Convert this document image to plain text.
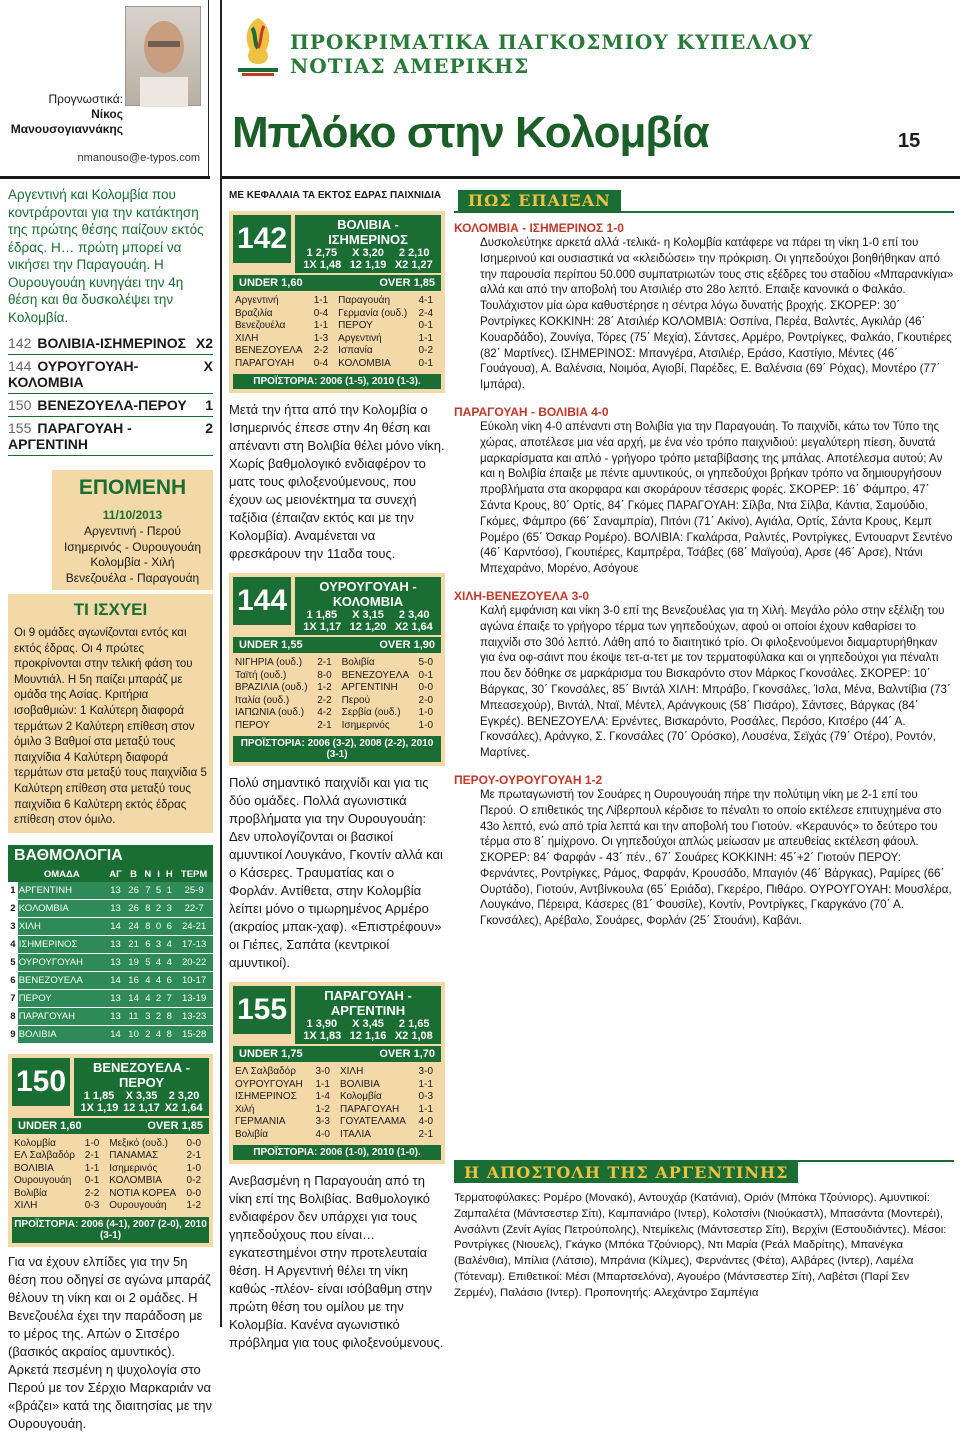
ΠΡΟΚΡΙΜΑΤΙΚΑ ΠΑΓΚΟΣΜΙΟΥ ΚΥΠΕΛΛΟΥ
ΝΟΤΙΑΣ ΑΜΕΡΙΚΗΣ
Μπλόκο στην Κολομβία	15
Προγνωστικά:
Νίκος
Μανουσογιαννάκης
nmanouso@e-typos.com
Αργεντινή και Κολομβία που κοντράρονται για την κατάκτηση της πρώτης θέσης παίζουν εκτός έδρας. Η… πρώτη μπορεί να νικήσει την Παραγουάη. Η Ουρουγουάη κυνηγάει την 4η θέση και θα δυσκολέψει την Κολομβία.
142 ΒΟΛΙΒΙΑ-ΙΣΗΜΕΡΙΝΟΣ Χ2
144 ΟΥΡΟΥΓΟΥΑΗ-ΚΟΛΟΜΒΙΑ
Χ
150 ΒΕΝΕΖΟΥΕΛΑ-ΠΕΡΟΥ 1
155 ΠΑΡΑΓΟΥΑΗ - ΑΡΓΕΝΤΙΝΗ
2
ΕΠΟΜΕΝΗ
11/10/2013
Αργεντινή - Περού
Ισημερινός - Ουρουγουάη
Κολομβία - Χιλή
Βενεζουέλα - Παραγουάη
ΤΙ ΙΣΧΥΕΙ
Οι 9 ομάδες αγωνίζονται εντός και εκτός έδρας. Οι 4 πρώτες προκρίνονται στην τελική φάση του Μουντιάλ. Η 5η παίζει μπαράζ με ομάδα της Ασίας. Κριτήρια ισοβαθμιών: 1 Καλύτερη διαφορά τερμάτων 2 Καλύτερη επίθεση στον όμιλο 3 Βαθμοί στα μεταξύ τους παιχνίδια 4 Καλύτερη διαφορά τερμάτων στα μεταξύ τους παιχνίδια 5 Καλύτερη επίθεση στα μεταξύ τους παιχνίδια 6 Καλύτερη εκτός έδρας επίθεση στον όμιλο.
ΒΑΘΜΟΛΟΓΙΑ
	ΟΜΑΔΑ	ΑΓ	Β	Ν	Ι	Η	ΤΕΡΜ
1	ΑΡΓΕΝΤΙΝΗ	13	26	7	5	1	25-9
2	ΚΟΛΟΜΒΙΑ	13	26	8	2	3	22-7
3	ΧΙΛΗ	14	24	8	0	6	24-21
4	ΙΣΗΜΕΡΙΝΟΣ	13	21	6	3	4	17-13
5	ΟΥΡΟΥΓΟΥΑΗ	13	19	5	4	4	20-22
6	ΒΕΝΕΖΟΥΕΛΑ	14	16	4	4	6	10-17
7	ΠΕΡΟΥ	13	14	4	2	7	13-19
8	ΠΑΡΑΓΟΥΑΗ	13	11	3	2	8	13-23
9	ΒΟΛΙΒΙΑ	14	10	2	4	8	15-28
150	ΒΕΝΕΖΟΥΕΛΑ - ΠΕΡΟΥ
1 1,85 Χ 3,35 2 3,20
1Χ 1,19 12 1,17 Χ2 1,64
UNDER 1,60	OVER 1,85
Κολομβία	1-0	Μεξικό (ουδ.)	0-0
ΕΛ Σαλβαδόρ	2-1	ΠΑΝΑΜΑΣ	2-1
ΒΟΛΙΒΙΑ	1-1	Ισημερινός	1-0
Ουρουγουάη	0-1	ΚΟΛΟΜΒΙΑ	0-2
Βολιβία	2-2	ΝΟΤΙΑ ΚΟΡΕΑ	0-0
ΧΙΛΗ	0-3	Ουρουγουάη	1-2
ΠΡΟΪΣΤΟΡΙΑ: 2006 (4-1), 2007 (2-0), 2010 (3-1)
Για να έχουν ελπίδες για την 5η θέση που οδηγεί σε αγώνα μπαράζ θέλουν τη νίκη και οι 2 ομάδες. Η Βενεζουέλα έχει την παράδοση με το μέρος της. Απών ο Σιτσέρο (βασικός ακραίος αμυντικός). Αρκετά πεσμένη η ψυχολογία στο Περού με τον Σέρχιο Μαρκαριάν να «βράζει» κατά της διαιτησίας με την Ουρουγουάη.
ΜΕ ΚΕΦΑΛΑΙΑ ΤΑ ΕΚΤΟΣ ΕΔΡΑΣ ΠΑΙΧΝΙΔΙΑ
142	ΒΟΛΙΒΙΑ - ΙΣΗΜΕΡΙΝΟΣ
1 2,75 Χ 3,20 2 2,10
1Χ 1,48 12 1,19 Χ2 1,27
UNDER 1,60	OVER 1,85
Αργεντινή	1-1	Παραγουάη	4-1
Βραζιλία	0-4	Γερμανία (ουδ.)	2-4
Βενεζουέλα	1-1	ΠΕΡΟΥ	0-1
ΧΙΛΗ	1-3	Αργεντινή	1-1
ΒΕΝΕΖΟΥΕΛΑ	2-2	Ισπανία	0-2
ΠΑΡΑΓΟΥΑΗ	0-4	ΚΟΛΟΜΒΙΑ	0-1
ΠΡΟΪΣΤΟΡΙΑ: 2006 (1-5), 2010 (1-3).
Μετά την ήττα από την Κολομβία ο Ισημερινός έπεσε στην 4η θέση και απέναντι στη Βολιβία θέλει μόνο νίκη. Χωρίς βαθμολογικό ενδιαφέρον το ματς τους φιλοξενούμενους, που έχουν ως μειονέκτημα τα συνεχή ταξίδια (έπαιζαν εκτός και με την Κολομβία). Αναμένεται να φρεσκάρουν την 11αδα τους.
144	ΟΥΡΟΥΓΟΥΑΗ - ΚΟΛΟΜΒΙΑ
1 1,85 Χ 3,15 2 3,40
1Χ 1,17 12 1,20 Χ2 1,64
UNDER 1,55	OVER 1,90
ΝΙΓΗΡΙΑ (ουδ.)	2-1	Βολιβία	5-0
Ταϊτή (ουδ.)	8-0	ΒΕΝΕΖΟΥΕΛΑ	0-1
ΒΡΑΖΙΛΙΑ (ουδ.)	1-2	ΑΡΓΕΝΤΙΝΗ	0-0
Ιταλία (ουδ.)	2-2	Περού	2-0
ΙΑΠΩΝΙΑ (ουδ.)	4-2	Σερβία (ουδ.)	1-0
ΠΕΡΟΥ	2-1	Ισημερινός	1-0
ΠΡΟΪΣΤΟΡΙΑ: 2006 (3-2), 2008 (2-2), 2010 (3-1)
Πολύ σημαντικό παιχνίδι και για τις δύο ομάδες. Πολλά αγωνιστικά προβλήματα για την Ουρουγουάη: Δεν υπολογίζονται οι βασικοί αμυντικοί Λουγκάνο, Γκοντίν αλλά και ο Κάσερες. Τραυματίας και ο Φορλάν. Αντίθετα, στην Κολομβία λείπει μόνο ο τιμωρημένος Αρμέρο (ακραίος μπακ-χαφ). «Επιστρέφουν» οι Γιέπες, Σαπάτα (κεντρικοί αμυντικοί).
155	ΠΑΡΑΓΟΥΑΗ - ΑΡΓΕΝΤΙΝΗ
1 3,90 Χ 3,45 2 1,65
1Χ 1,83 12 1,16 Χ2 1,08
UNDER 1,75	OVER 1,70
ΕΛ Σαλβαδόρ	3-0	ΧΙΛΗ	3-0
ΟΥΡΟΥΓΟΥΑΗ	1-1	ΒΟΛΙΒΙΑ	1-1
ΙΣΗΜΕΡΙΝΟΣ	1-4	Κολομβία	0-3
Χιλή	1-2	ΠΑΡΑΓΟΥΑΗ	1-1
ΓΕΡΜΑΝΙΑ	3-3	ΓΟΥΑΤΕΛΑΜΑ	4-0
Βολιβία	4-0	ΙΤΑΛΙΑ	2-1
ΠΡΟΪΣΤΟΡΙΑ: 2006 (1-0), 2010 (1-0).
Ανεβασμένη η Παραγουάη από τη νίκη επί της Βολιβίας. Βαθμολογικό ενδιαφέρον δεν υπάρχει για τους γηπεδούχους που είναι… εγκατεστημένοι στην προτελευταία θέση. Η Αργεντινή θέλει τη νίκη καθώς -πλέον- είναι ισόβαθμη στην πρώτη θέση του ομίλου με την Κολομβία. Κανένα αγωνιστικό πρόβλημα για τους φιλοξενούμενους.
ΠΩΣ ΕΠΑΙΞΑΝ
ΚΟΛΟΜΒΙΑ - ΙΣΗΜΕΡΙΝΟΣ 1-0
Δυσκολεύτηκε αρκετά αλλά -τελικά- η Κολομβία κατάφερε να πάρει τη νίκη 1-0 επί του Ισημερινού και ουσιαστικά να «κλειδώσει» την πρόκριση. Οι γηπεδούχοι βοηθήθηκαν από την παρουσία περίπου 50.000 συμπατριωτών τους στις εξέδρες του σταδίου «Μπαρανκίγια» αλλά και από την αποβολή του Ατσιλιέρ στο 28ο λεπτό. Επαιξε κανονικά ο Φαλκάο. Τουλάχιστον μία ώρα καθυστέρησε η σέντρα λόγω δυνατής βροχής. ΣΚΟΡΕΡ: 30΄ Ροντρίγκες ΚΟΚΚΙΝΗ: 28΄ Ατσιλιέρ ΚΟΛΟΜΒΙΑ: Οσπίνα, Περέα, Βαλντές, Αγκιλάρ (46΄ Κουαρδάδο), Ζουνίγα, Τόρες (75΄ Μεχία), Σάντσες, Αρμέρο, Ροντρίγκες, Φαλκάο, Γκουτιέρες (82΄ Μαρτίνες). ΙΣΗΜΕΡΙΝΟΣ: Μπανγέρα, Ατσιλιέρ, Εράσο, Καστίγιο, Μέντες (46΄ Γουάγουα), Α. Βαλένσια, Νοιμόα, Αγιοβί, Παρέδες, Ε. Βαλένσια (69΄ Ρόχας), Μοντέρο (77΄ Ιμπάρα).
ΠΑΡΑΓΟΥΑΗ - ΒΟΛΙΒΙΑ 4-0
Εύκολη νίκη 4-0 απέναντι στη Βολιβία για την Παραγουάη. Το παιχνίδι, κάτω τον Τύπο της χώρας, αποτέλεσε μια νέα αρχή, με ένα νέο τρόπο παιχνιδιού: μεγαλύτερη πίεση, δυνατά μαρκαρίσματα και απλό - γρήγορο τρόπο μεταβίβασης της μπάλας. Αποτέλεσμα αυτού; Αν και η Βολιβία έπαιξε με πέντε αμυντικούς, οι γηπεδούχοι βρήκαν τρόπο να δημιουργήσουν προβλήματα στα ακορφαρα και σκοράρουν τέσσερις φορές. ΣΚΟΡΕΡ: 16΄ Φάμπρο, 47΄ Σάντα Κρους, 80΄ Ορτίς, 84΄ Γκόμες ΠΑΡΑΓΟΥΑΗ: Σίλβα, Ντα Σίλβα, Κάντια, Σαμούδιο, Γκόμες, Φάμπρο (66΄ Σαναμπρία), Πιτόνι (71΄ Ακίνο), Αγιάλα, Ορτίς, Σάντα Κρους, Κεμπ Ρομέρο (65΄ Όσκαρ Ρομέρο). ΒΟΛΙΒΙΑ: Γκαλάρσα, Ραλντές, Ροντρίγκες, Εντουαρντ Σεντένο (46΄ Καρντόσο), Γκουτιέρες, Καμπρέρα, Τσάβες (68΄ Μαϊγούα), Αρσε (46΄ Αρσε), Ντάνι Μπεχαράνο, Μορένο, Ασόγουε
ΧΙΛΗ-ΒΕΝΕΖΟΥΕΛΑ 3-0
Καλή εμφάνιση και νίκη 3-0 επί της Βενεζουέλας για τη Χιλή. Μεγάλο ρόλο στην εξέλιξη του αγώνα έπαιξε το γρήγορο τέρμα των γηπεδούχων, αφού οι οποίοι έχουν καθαρίσει το παιχνίδι στο 30ό λεπτό. Λάθη από το διαιτητικό τρίο. Οι φιλοξενούμενοι διαμαρτυρήθηκαν για ένα οφ-σάιντ που έκοψε τετ-α-τετ με τον τερματοφύλακα και οι γηπεδούχοι για πέναλτι που δεν δόθηκε σε μαρκάρισμα του Βισκαρόντο στον Μάρκος Γκονσάλες. ΣΚΟΡΕΡ: 10΄ Βάργκας, 30΄ Γκονσάλες, 85΄ Βιντάλ ΧΙΛΗ: Μπράβο, Γκονσάλες, Ίσλα, Μένα, Βαλντίβια (73΄ Μπεασεχούρ), Βιντάλ, Νταϊ, Μέντελ, Αράνγκουις (58΄ Πισάρο), Σάντσες, Βάργκας (84΄ Εγκρές). ΒΕΝΕΖΟΥΕΛΑ: Ερνέντες, Βισκαρόντο, Ροσάλες, Περόσο, Κιτσέρο (44΄ Α. Γκονσάλες), Αράνγκο, Σ. Γκονσάλες (70΄ Ορόσκο), Λουσένα, Σεϊχάς (79΄ Οτέρο), Ροντόν, Μαρτίνες.
ΠΕΡΟΥ-ΟΥΡΟΥΓΟΥΑΗ 1-2
Με πρωταγωνιστή τον Σουάρες η Ουρουγουάη πήρε την πολύτιμη νίκη με 2-1 επί του Περού. Ο επιθετικός της Λίβερπουλ κέρδισε το πέναλτι το οποίο εκτέλεσε επιτυχημένα στο 43ο λεπτό, ενώ από τρία λεπτά και την αποβολή του Γιοτούν. «Κεραυνός» το δεύτερο του τέρμα στο 8΄ ημίχρονο. Οι γηπεδούχοι απλώς μείωσαν με απευθείας εκτέλεση φάουλ. ΣΚΟΡΕΡ: 84΄ Φαρφάν - 43΄ πέν., 67΄ Σουάρες ΚΟΚΚΙΝΗ: 45΄+2΄ Γιοτούν ΠΕΡΟΥ: Φερνάντες, Ροντρίγκες, Ράμος, Φαρφάν, Κρουσάδο, Μπαγιόν (46΄ Βάργκας), Ραμίρες (66΄ Ουρτάδο), Γιοτούν, Αντβίνκουλα (65΄ Εριάδα), Γκερέρο, Πιθάρο. ΟΥΡΟΥΓΟΥΑΗ: Μουσλέρα, Λουγκάνο, Πέρειρα, Κάσερες (81΄ Φουσίλε), Κοντίν, Ροντρίγκες, Γκαργκάνο (70΄ Α. Γκονσάλες), Αρέβαλο, Σουάρες, Φορλάν (25΄ Στουάνι), Καβάνι.
Η ΑΠΟΣΤΟΛΗ ΤΗΣ ΑΡΓΕΝΤΙΝΗΣ
Τερματοφύλακες: Ρομέρο (Μονακό), Αντουχάρ (Κατάνια), Οριόν (Μπόκα Τζούνιορς). Αμυντικοί: Ζαμπαλέτα (Μάντσεστερ Σίτι), Καμπανιάρο (Ιντερ), Κολοτσίνι (Νιούκαστλ), Μπασάντα (Μοντερέι), Ανσάλντι (Ζενίτ Αγίας Πετρούπολης), Ντεμίκελις (Μάντσεστερ Σίτι), Βερχίνι (Εστουδιάντες). Μέσοι: Ροντρίγκες (Νιουελς), Γκάγκο (Μπόκα Τζούνιορς), Ντι Μαρία (Ρεάλ Μαδρίτης), Μπανέγκα (Βαλένθια), Μπίλια (Λάτσιο), Μπράνια (Κίλμες), Φερνάντες (Φέτα), Αλβάρες (Ιντερ), Λαμέλα (Τότεναμ). Επιθετικοί: Μέσι (Μπαρτσελόνα), Αγουέρο (Μάντσεστερ Σίτι), Λαβέτσι (Παρί Σεν Ζερμέν), Παλάσιο (Ιντερ). Προπονητής: Αλεχάντρο Σαμπέγια
